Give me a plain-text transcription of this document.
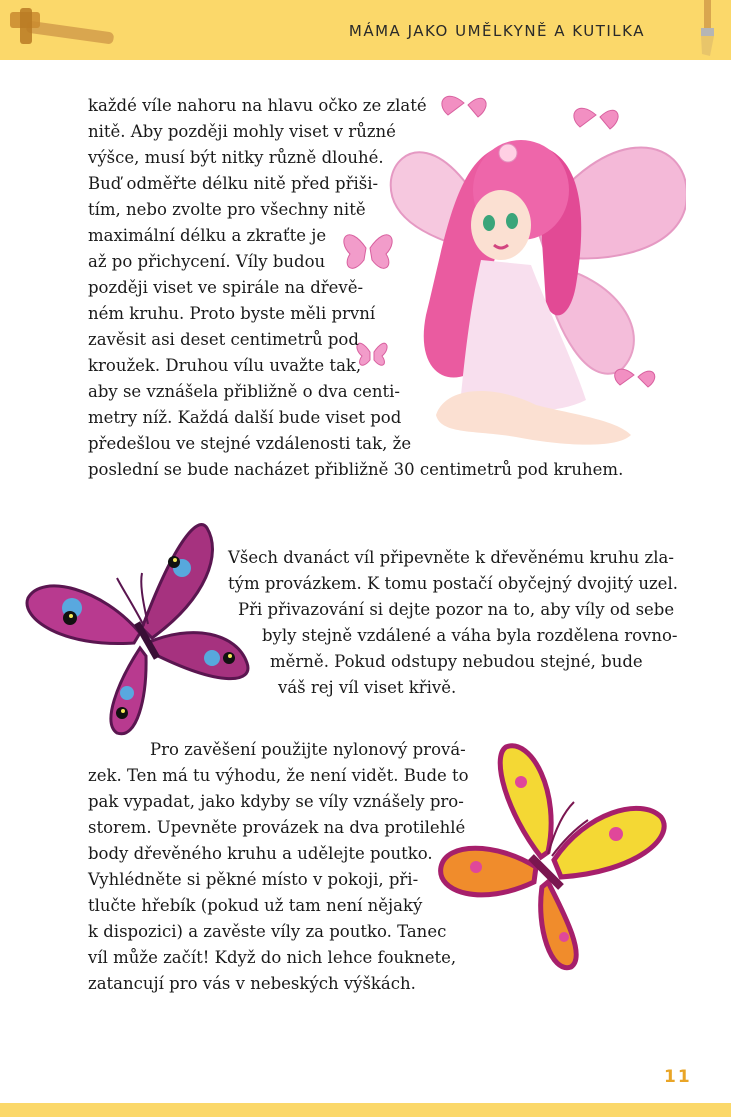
MÁMA JAKO UMĚLKYNĚ A KUTILKA
každé víle nahoru na hlavu očko ze zlaté
nitě. Aby později mohly viset v různé
výšce, musí být nitky různě dlouhé.
Buď odměřte délku nitě před přiši-
tím, nebo zvolte pro všechny nitě
maximální délku a zkraťte je
až po přichycení. Víly budou
později viset ve spirále na dřevě-
ném kruhu. Proto byste měli první
zavěsit asi deset centimetrů pod
kroužek. Druhou vílu uvažte tak,
aby se vznášela přibližně o dva centi-
metry níž. Každá další bude viset pod
předešlou ve stejné vzdálenosti tak, že
poslední se bude nacházet přibližně 30 centimetrů pod kruhem.
Všech dvanáct víl připevněte k dřevěnému kruhu zla-
tým provázkem. K tomu postačí obyčejný dvojitý uzel.
Při přivazování si dejte pozor na to, aby víly od sebe
byly stejně vzdálené a váha byla rozdělena rovno-
měrně. Pokud odstupy nebudou stejné, bude
váš rej víl viset křivě.
Pro zavěšení použijte nylonový prová-
zek. Ten má tu výhodu, že není vidět. Bude to
pak vypadat, jako kdyby se víly vznášely pro-
storem. Upevněte provázek na dva protilehlé
body dřevěného kruhu a udělejte poutko.
Vyhlédněte si pěkné místo v pokoji, při-
tlučte hřebík (pokud už tam není nějaký
k dispozici) a zavěste víly za poutko. Tanec
víl může začít! Když do nich lehce fouknete,
zatancují pro vás v nebeských výškách.
11
